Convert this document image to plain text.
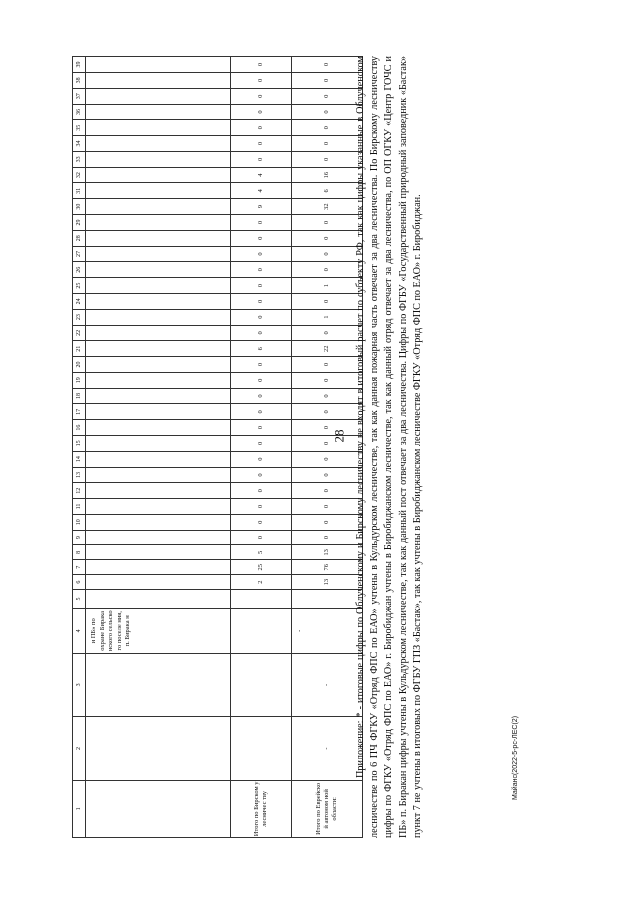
28
Майанс(2022-5-рс-ЛЕС(2)
1	2	3	4	5	6	7	8	9	10	11	12	13	14	15	16	17	18	19	20	21	22	23	24	25	26	27	28	29	30	31	32	33	34	35	36	37	38	39
			и ПБ» по охране Бирака нского сельско го поселе ния, п. Бирака н																																			
Итого по Бирском у лесничес тву					2	25	5	0	0	0	0	0	0	0	0	0	0	0	0	6	0	0	0	0	0	0	0	0	9	4	4	0	0	0	0	0	0	0
Итого по Еврейско й автоном ной области:	-	-	-		13	76	13	0	0	0	0	0	0	0	0	0	0	0	0	22	0	1	0	1	0	0	0	0	32	6	16	0	0	0	0	0	0	0 Приложение: * - итоговые цифры по Облученскому и Бирскому лесничеству не входят в итоговый расчет по субъекту РФ, так как цифры указанные в Облученском лесничестве по 6 ПЧ ФГКУ «Отряд ФПС по ЕАО» учтены в Кульдурском лесничестве, так как данная пожарная часть отвечает за два лесничества. По Бирскому лесничеству цифры по ФГКУ «Отряд ФПС по ЕАО» г. Биробиджан учтены в Биробиджанском лесничестве, так как данный отряд отвечает за два лесничества, по ОП ОГКУ «Центр ГОЧС и ПБ» п. Биракан цифры учтены в Кульдурском лесничестве, так как данный пост отвечает за два лесничества. Цифры по ФГБУ «Государственный природный заповедник «Бастак» пункт 7 не учтены в итоговых по ФГБУ ГПЗ «Бастак», так как учтены в Биробиджанском лесничестве ФГКУ «Отряд ФПС по ЕАО» г. Биробиджан.
